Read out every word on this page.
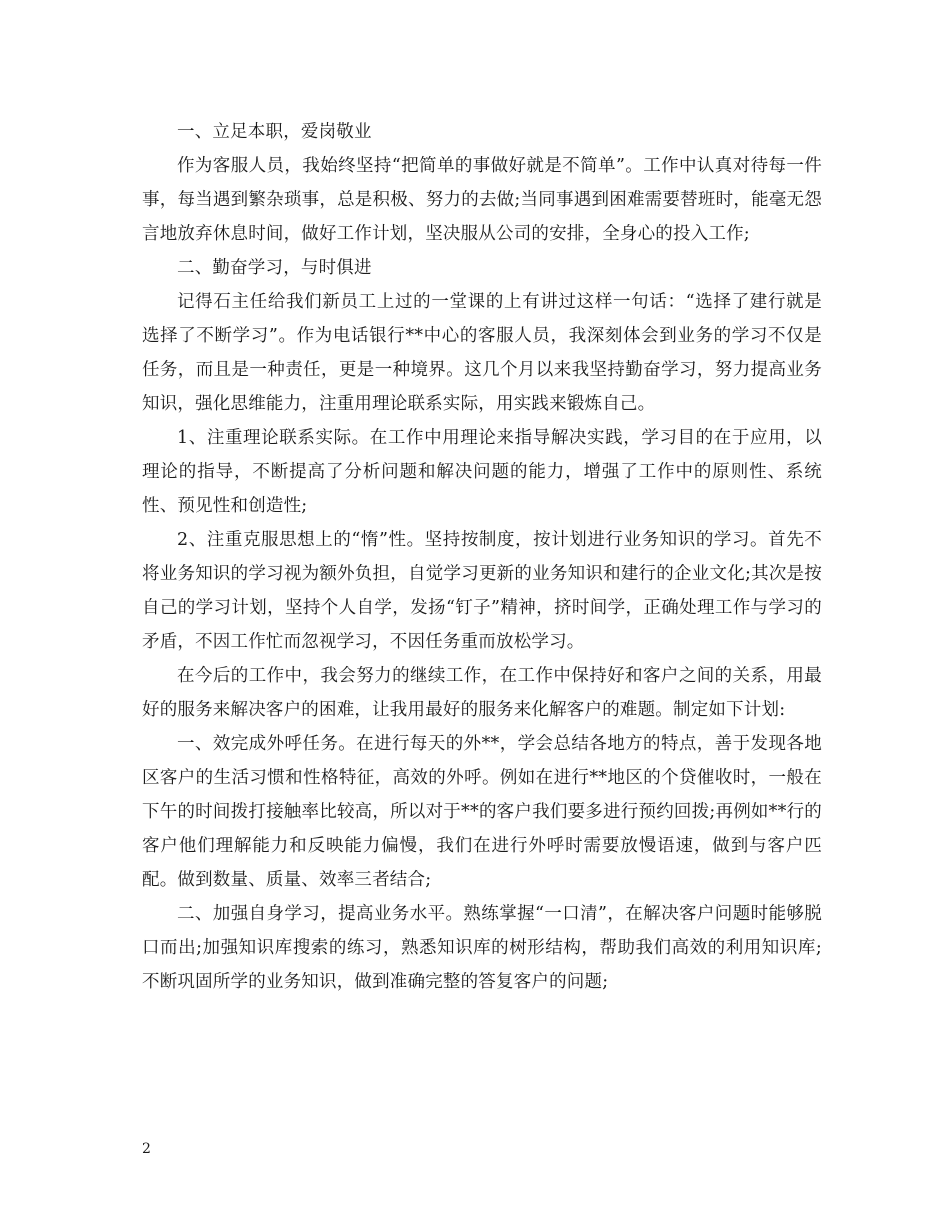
一、立足本职，爱岗敬业

作为客服人员，我始终坚持“把简单的事做好就是不简单”。工作中认真对待每一件事，每当遇到繁杂琐事，总是积极、努力的去做;当同事遇到困难需要替班时，能毫无怨言地放弃休息时间，做好工作计划，坚决服从公司的安排，全身心的投入工作;

二、勤奋学习，与时俱进

记得石主任给我们新员工上过的一堂课的上有讲过这样一句话：“选择了建行就是选择了不断学习”。作为电话银行**中心的客服人员，我深刻体会到业务的学习不仅是任务，而且是一种责任，更是一种境界。这几个月以来我坚持勤奋学习，努力提高业务知识，强化思维能力，注重用理论联系实际，用实践来锻炼自己。

1、注重理论联系实际。在工作中用理论来指导解决实践，学习目的在于应用，以理论的指导，不断提高了分析问题和解决问题的能力，增强了工作中的原则性、系统性、预见性和创造性;

2、注重克服思想上的“惰”性。坚持按制度，按计划进行业务知识的学习。首先不将业务知识的学习视为额外负担，自觉学习更新的业务知识和建行的企业文化;其次是按自己的学习计划，坚持个人自学，发扬“钉子”精神，挤时间学，正确处理工作与学习的矛盾，不因工作忙而忽视学习，不因任务重而放松学习。

在今后的工作中，我会努力的继续工作，在工作中保持好和客户之间的关系，用最好的服务来解决客户的困难，让我用最好的服务来化解客户的难题。制定如下计划:

一、效完成外呼任务。在进行每天的外**，学会总结各地方的特点，善于发现各地区客户的生活习惯和性格特征，高效的外呼。例如在进行**地区的个贷催收时，一般在下午的时间拨打接触率比较高，所以对于**的客户我们要多进行预约回拨;再例如**行的客户他们理解能力和反映能力偏慢，我们在进行外呼时需要放慢语速，做到与客户匹配。做到数量、质量、效率三者结合;

二、加强自身学习，提高业务水平。熟练掌握“一口清”，在解决客户问题时能够脱口而出;加强知识库搜索的练习，熟悉知识库的树形结构，帮助我们高效的利用知识库;不断巩固所学的业务知识，做到准确完整的答复客户的问题;

2
